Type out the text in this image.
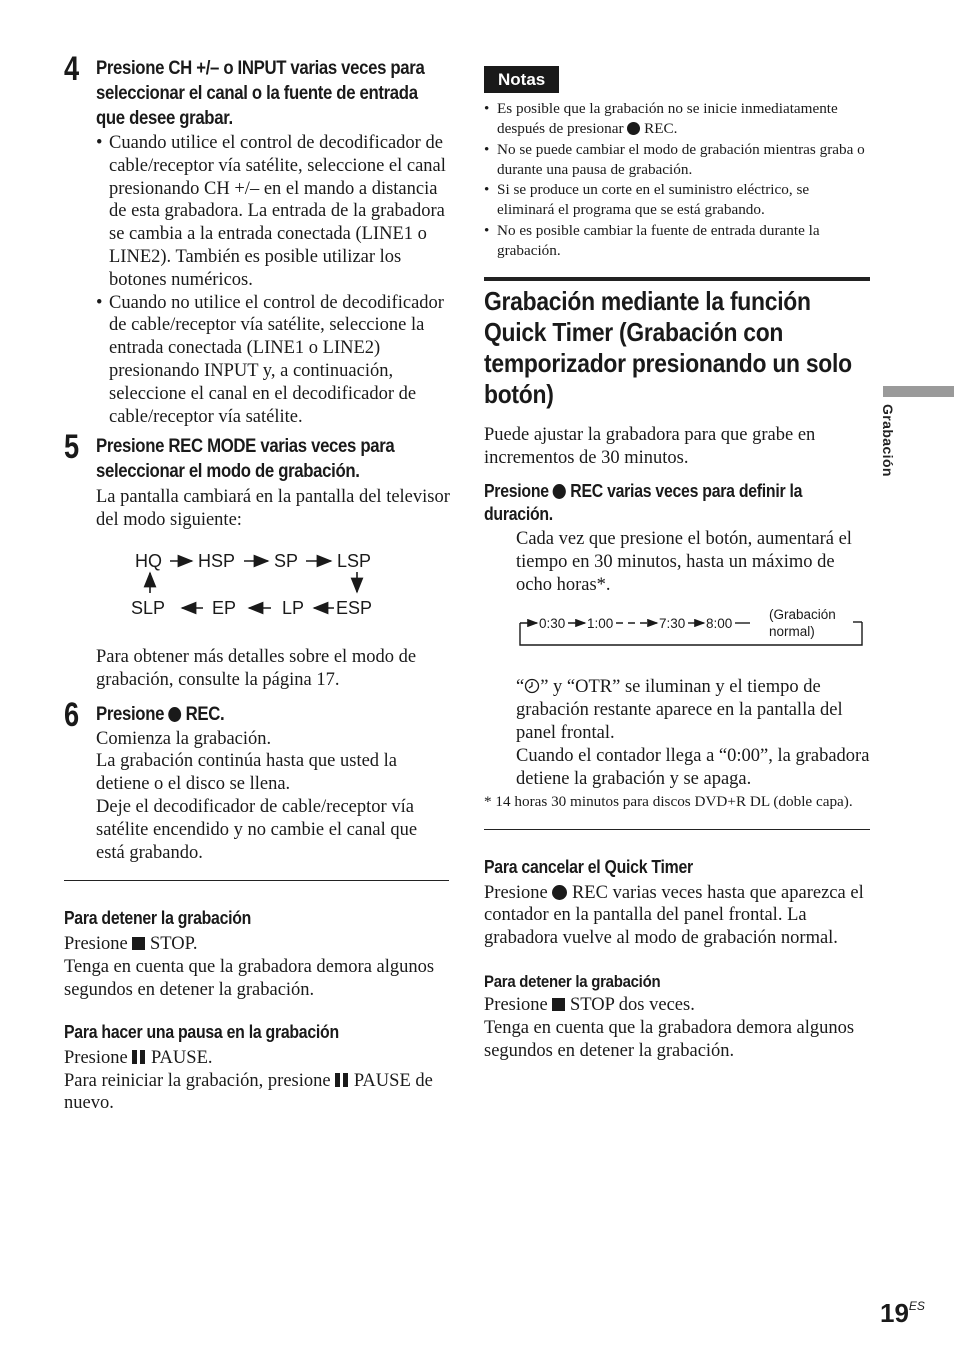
Grabación
4 Presione CH +/– o INPUT varias veces para seleccionar el canal o la fuente de entrada que desee grabar.
• Cuando utilice el control de decodificador de cable/receptor vía satélite, seleccione el canal presionando CH +/– en el mando a distancia de esta grabadora. La entrada de la grabadora se cambia a la entrada conectada (LINE1 o LINE2). También es posible utilizar los botones numéricos.
• Cuando no utilice el control de decodificador de cable/receptor vía satélite, seleccione la entrada conectada (LINE1 o LINE2) presionando INPUT y, a continuación, seleccione el canal en el decodificador de cable/receptor vía satélite.
5 Presione REC MODE varias veces para seleccionar el modo de grabación.
La pantalla cambiará en la pantalla del televisor del modo siguiente:
HQ HSP SP LSP
SLP	EP	LP ESP
Para obtener más detalles sobre el modo de grabación, consulte la página 17.
6 Presione REC.
Comienza la grabación.
La grabación continúa hasta que usted la detiene o el disco se llena.
Deje el decodificador de cable/receptor vía satélite encendido y no cambie el canal que está grabando.
Para detener la grabación
Presione STOP.
Tenga en cuenta que la grabadora demora algunos segundos en detener la grabación.
Para hacer una pausa en la grabación
Presione PAUSE.
Para reiniciar la grabación, presione PAUSE de nuevo.
Notas
• Es posible que la grabación no se inicie inmediatamente después de presionar REC.
• No se puede cambiar el modo de grabación mientras graba o durante una pausa de grabación.
• Si se produce un corte en el suministro eléctrico, se eliminará el programa que se está grabando.
• No es posible cambiar la fuente de entrada durante la grabación.
Grabación mediante la función Quick Timer (Grabación con temporizador presionando un solo botón)
Puede ajustar la grabadora para que grabe en incrementos de 30 minutos.
Presione REC varias veces para definir la duración.
Cada vez que presione el botón, aumentará el tiempo en 30 minutos, hasta un máximo de ocho horas*.
0:30 1:00	7:30 8:00
(Grabación
normal)
“ ” y “OTR” se iluminan y el tiempo de grabación restante aparece en la pantalla del panel frontal.
Cuando el contador llega a “0:00”, la grabadora detiene la grabación y se apaga.
* 14 horas 30 minutos para discos DVD+R DL (doble capa).
Para cancelar el Quick Timer
Presione REC varias veces hasta que aparezca el contador en la pantalla del panel frontal. La grabadora vuelve al modo de grabación normal.
Para detener la grabación
Presione STOP dos veces.
Tenga en cuenta que la grabadora demora algunos segundos en detener la grabación.
$19^{ES}$
